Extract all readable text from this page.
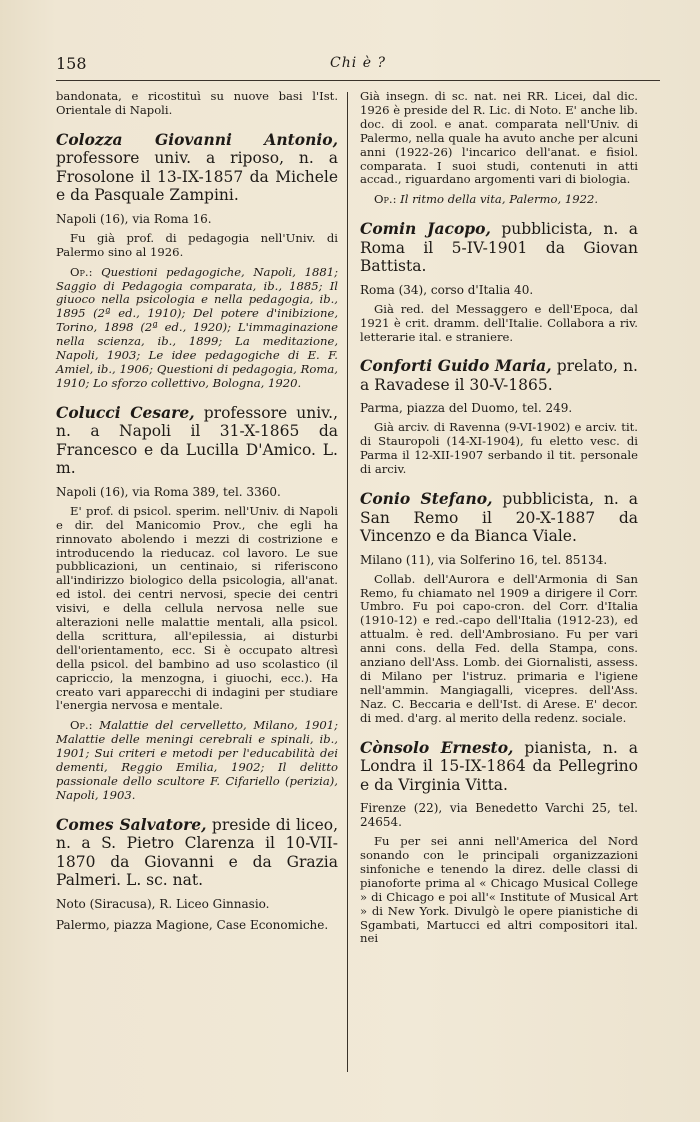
158	Chi è ?

bandonata, e ricostituì su nuove basi l'Ist. Orientale di Napoli.

Colozza Giovanni Antonio, professore univ. a riposo, n. a Frosolone il 13-IX-1857 da Michele e da Pasquale Zampini.

Napoli (16), via Roma 16.

Fu già prof. di pedagogia nell'Univ. di Palermo sino al 1926.

Op. : Questioni pedagogiche, Napoli, 1881; Saggio di Pedagogia comparata, ib., 1885; Il giuoco nella psicologia e nella pedagogia, ib., 1895 (2ª ed., 1910); Del potere d'inibizione, Torino, 1898 (2ª ed., 1920); L'immaginazione nella scienza, ib., 1899; La meditazione, Napoli, 1903; Le idee pedagogiche di E. F. Amiel, ib., 1906; Questioni di pedagogia, Roma, 1910; Lo sforzo collettivo, Bologna, 1920.

Colucci Cesare, professore univ., n. a Napoli il 31-X-1865 da Francesco e da Lucilla D'Amico. L. m.

Napoli (16), via Roma 389, tel. 3360.

E' prof. di psicol. sperim. nell'Univ. di Napoli e dir. del Manicomio Prov., che egli ha rinnovato abolendo i mezzi di costrizione e introducendo la rieducaz. col lavoro. Le sue pubblicazioni, un centinaio, si riferiscono all'indirizzo biologico della psicologia, all'anat. ed istol. dei centri nervosi, specie dei centri visivi, e della cellula nervosa nelle sue alterazioni nelle malattie mentali, alla psicol. della scrittura, all'epilessia, ai disturbi dell'orientamento, ecc. Si è occupato altresì della psicol. del bambino ad uso scolastico (il capriccio, la menzogna, i giuochi, ecc.). Ha creato vari apparecchi di indagini per studiare l'energia nervosa e mentale.

Op. : Malattie del cervelletto, Milano, 1901; Malattie delle meningi cerebrali e spinali, ib., 1901; Sui criteri e metodi per l'educabilità dei dementi, Reggio Emilia, 1902; Il delitto passionale dello scultore F. Cifariello (perizia), Napoli, 1903.

Comes Salvatore, preside di liceo, n. a S. Pietro Clarenza il 10-VII-1870 da Giovanni e da Grazia Palmeri. L. sc. nat.

Noto (Siracusa), R. Liceo Ginnasio.

Palermo, piazza Magione, Case Economiche.

Già insegn. di sc. nat. nei RR. Licei, dal dic. 1926 è preside del R. Lic. di Noto. E' anche lib. doc. di zool. e anat. comparata nell'Univ. di Palermo, nella quale ha avuto anche per alcuni anni (1922-26) l'incarico dell'anat. e fisiol. comparata. I suoi studi, contenuti in atti accad., riguardano argomenti vari di biologia.

Op. : Il ritmo della vita, Palermo, 1922.

Comin Jacopo, pubblicista, n. a Roma il 5-IV-1901 da Giovan Battista.

Roma (34), corso d'Italia 40.

Già red. del Messaggero e dell'Epoca, dal 1921 è crit. dramm. dell'Italie. Collabora a riv. letterarie ital. e straniere.

Conforti Guido Maria, prelato, n. a Ravadese il 30-V-1865.

Parma, piazza del Duomo, tel. 249.

Già arciv. di Ravenna (9-VI-1902) e arciv. tit. di Stauropoli (14-XI-1904), fu eletto vesc. di Parma il 12-XII-1907 serbando il tit. personale di arciv.

Conio Stefano, pubblicista, n. a San Remo il 20-X-1887 da Vincenzo e da Bianca Viale.

Milano (11), via Solferino 16, tel. 85134.

Collab. dell'Aurora e dell'Armonia di San Remo, fu chiamato nel 1909 a dirigere il Corr. Umbro. Fu poi capo-cron. del Corr. d'Italia (1910-12) e red.-capo dell'Italia (1912-23), ed attualm. è red. dell'Ambrosiano. Fu per vari anni cons. della Fed. della Stampa, cons. anziano dell'Ass. Lomb. dei Giornalisti, assess. di Milano per l'istruz. primaria e l'igiene nell'ammin. Mangiagalli, vicepres. dell'Ass. Naz. C. Beccaria e dell'Ist. di Arese. E' decor. di med. d'arg. al merito della redenz. sociale.

Cònsolo Ernesto, pianista, n. a Londra il 15-IX-1864 da Pellegrino e da Virginia Vitta.

Firenze (22), via Benedetto Varchi 25, tel. 24654.

Fu per sei anni nell'America del Nord sonando con le principali organizzazioni sinfoniche e tenendo la direz. delle classi di pianoforte prima al « Chicago Musical College » di Chicago e poi all'« Institute of Musical Art » di New York. Divulgò le opere pianistiche di Sgambati, Martucci ed altri compositori ital. nei
